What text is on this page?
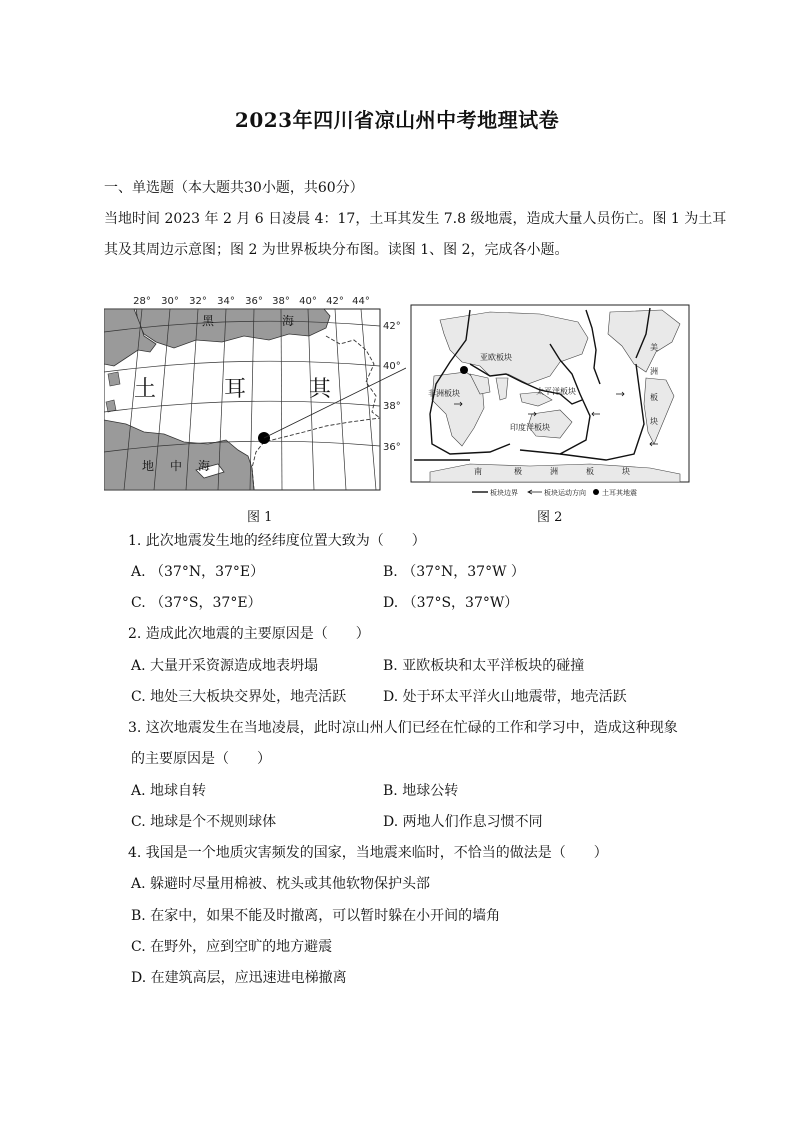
2023年四川省凉山州中考地理试卷
一、单选题（本大题共30小题，共60分）
当地时间 2023 年 2 月 6 日凌晨 4：17，土耳其发生 7.8 级地震，造成大量人员伤亡。图 1 为土耳
其及其周边示意图；图 2 为世界板块分布图。读图 1、图 2，完成各小题。
28° 30° 32° 34° 36° 38° 40° 42° 44°
42°
40°
38°
36°
黑	海
土	耳	其
地 中 海
亚欧板块
非洲板块	太平洋板块
印度洋板块
美
洲
板
块
南	极	洲	板	块
板块边界	板块运动方向 土耳其地震
图 1	图 2
1. 此次地震发生地的经纬度位置大致为（　　）
A. （37°N，37°E）	B. （37°N，37°W ）
C. （37°S，37°E）	D. （37°S，37°W）
2. 造成此次地震的主要原因是（　　）
A. 大量开采资源造成地表坍塌	B. 亚欧板块和太平洋板块的碰撞
C. 地处三大板块交界处，地壳活跃	D. 处于环太平洋火山地震带，地壳活跃
3. 这次地震发生在当地凌晨，此时凉山州人们已经在忙碌的工作和学习中，造成这种现象
的主要原因是（　　）
A. 地球自转	B. 地球公转
C. 地球是个不规则球体	D. 两地人们作息习惯不同
4. 我国是一个地质灾害频发的国家，当地震来临时，不恰当的做法是（　　）
A. 躲避时尽量用棉被、枕头或其他软物保护头部
B. 在家中，如果不能及时撤离，可以暂时躲在小开间的墙角
C. 在野外，应到空旷的地方避震
D. 在建筑高层，应迅速进电梯撤离
